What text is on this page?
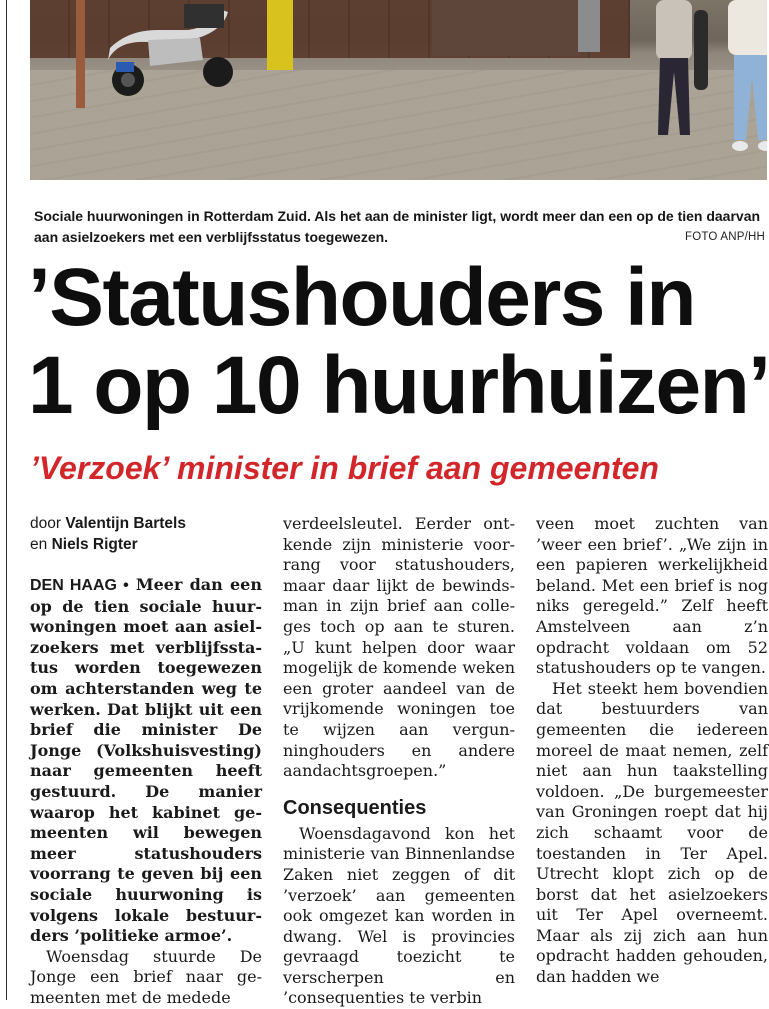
Sociale huurwoningen in Rotterdam Zuid. Als het aan de minister ligt, wordt meer dan een op de tien daarvan aan asielzoekers met een verblijfsstatus toegewezen.	FOTO ANP/HH
’Statushouders in
1 op 10 huurhuizen’
’Verzoek’ minister in brief aan gemeenten
door Valentijn Bartels
en Niels Rigter

DEN HAAG • Meer dan een op de tien sociale huurwoningen moet aan asielzoekers met verblijfsstatus worden toegewezen om achterstanden weg te werken. Dat blijkt uit een brief die minister De Jonge (Volkshuisvesting) naar gemeenten heeft gestuurd. De manier waarop het kabinet gemeenten wil bewegen meer statushouders voorrang te geven bij een sociale huurwoning is volgens lokale bestuurders ’politieke armoe’.

Woensdag stuurde De Jonge een brief naar gemeenten met de medede

verdeelsleutel. Eerder ontkende zijn ministerie voorrang voor statushouders, maar daar lijkt de bewindsman in zijn brief aan colleges toch op aan te sturen. „U kunt helpen door waar mogelijk de komende weken een groter aandeel van de vrijkomende woningen toe te wijzen aan vergunninghouders en andere aandachtsgroepen.”

Consequenties

Woensdagavond kon het ministerie van Binnenlandse Zaken niet zeggen of dit ’verzoek’ aan gemeenten ook omgezet kan worden in dwang. Wel is provincies gevraagd toezicht te verscherpen en ’consequenties te verbin

veen moet zuchten van ’weer een brief’. „We zijn in een papieren werkelijkheid beland. Met een brief is nog niks geregeld.” Zelf heeft Amstelveen aan z’n opdracht voldaan om 52 statushouders op te vangen.

Het steekt hem bovendien dat bestuurders van gemeenten die iedereen moreel de maat nemen, zelf niet aan hun taakstelling voldoen. „De burgemeester van Groningen roept dat hij zich schaamt voor de toestanden in Ter Apel. Utrecht klopt zich op de borst dat het asielzoekers uit Ter Apel overneemt. Maar als zij zich aan hun opdracht hadden gehouden, dan hadden we
